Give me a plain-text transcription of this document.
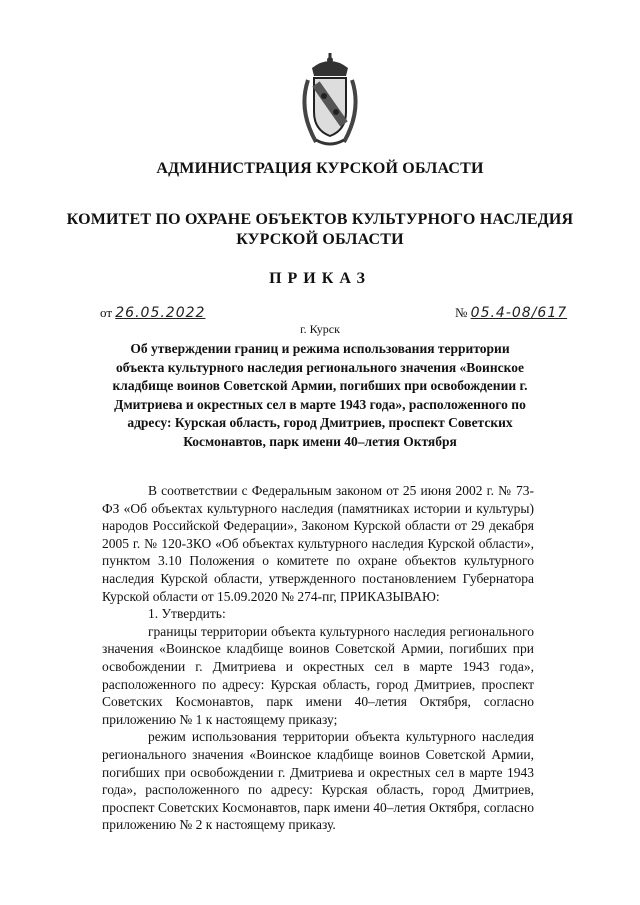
АДМИНИСТРАЦИЯ КУРСКОЙ ОБЛАСТИ
КОМИТЕТ ПО ОХРАНЕ ОБЪЕКТОВ КУЛЬТУРНОГО НАСЛЕДИЯ
КУРСКОЙ ОБЛАСТИ
ПРИКАЗ
от 26.05.2022	№ 05.4-08/617
г. Курск
Об утверждении границ и режима использования территории объекта культурного наследия регионального значения «Воинское кладбище воинов Советской Армии, погибших при освобождении г. Дмитриева и окрестных сел в марте 1943 года», расположенного по адресу: Курская область, город Дмитриев, проспект Советских Космонавтов, парк имени 40–летия Октября

В соответствии с Федеральным законом от 25 июня 2002 г. № 73-ФЗ «Об объектах культурного наследия (памятниках истории и культуры) народов Российской Федерации», Законом Курской области от 29 декабря 2005 г. № 120-ЗКО «Об объектах культурного наследия Курской области», пунктом 3.10 Положения о комитете по охране объектов культурного наследия Курской области, утвержденного постановлением Губернатора Курской области от 15.09.2020 № 274-пг, ПРИКАЗЫВАЮ:

1. Утвердить:

границы территории объекта культурного наследия регионального значения «Воинское кладбище воинов Советской Армии, погибших при освобождении г. Дмитриева и окрестных сел в марте 1943 года», расположенного по адресу: Курская область, город Дмитриев, проспект Советских Космонавтов, парк имени 40–летия Октября, согласно приложению № 1 к настоящему приказу;

режим использования территории объекта культурного наследия регионального значения «Воинское кладбище воинов Советской Армии, погибших при освобождении г. Дмитриева и окрестных сел в марте 1943 года», расположенного по адресу: Курская область, город Дмитриев, проспект Советских Космонавтов, парк имени 40–летия Октября, согласно приложению № 2 к настоящему приказу.
